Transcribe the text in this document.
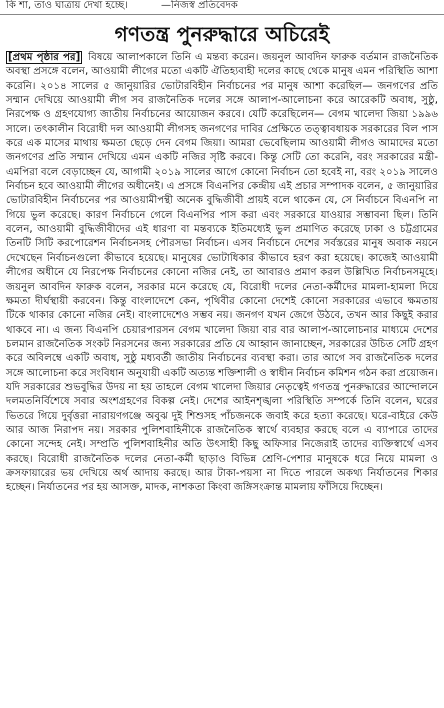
কি শা, তাও ঘাত্রায় দেখা হচ্ছে।	—নিজস্ব প্রতিবেদক
গণতন্ত্র পুনরুদ্ধারে অচিরেই
[প্রথম পৃষ্ঠার পর] বিষয়ে আলাপকালে তিনি এ মন্তব্য করেন। জয়নুল আবদিন ফারুক বর্তমান রাজনৈতিক অবস্থা প্রসঙ্গে বলেন, আওয়ামী লীগের মতো একটি ঐতিহ্যবাহী দলের কাছে থেকে মানুষ এমন পরিস্থিতি আশা করেনি। ২০১৪ সালের ৫ জানুয়ারির ভোটারবিহীন নির্বাচনের পর মানুষ আশা করেছিল— জনগণের প্রতি সম্মান দেখিয়ে আওয়ামী লীগ সব রাজনৈতিক দলের সঙ্গে আলাপ-আলোচনা করে আরেকটি অবাধ, সুষ্ঠু, নিরপেক্ষ ও গ্রহণযোগ্য জাতীয় নির্বাচনের আয়োজন করবে। যেটি করেছিলেন— বেগম খালেদা জিয়া ১৯৯৬ সালে। তৎকালীন বিরোধী দল আওয়ামী লীগসহ জনগণের দাবির প্রেক্ষিতে তত্ত্বাবধায়ক সরকারের বিল পাস করে এক মাসের মাথায় ক্ষমতা ছেড়ে দেন বেগম জিয়া। আমরা ভেবেছিলাম আওয়ামী লীগও আমাদের মতো জনগণের প্রতি সম্মান দেখিয়ে এমন একটি নজির সৃষ্টি করবে। কিন্তু সেটি তো করেনি, বরং সরকারের মন্ত্রী-এমপিরা বলে বেড়াচ্ছেন যে, আগামী ২০১৯ সালের আগে কোনো নির্বাচন তো হবেই না, বরং ২০১৯ সালেও নির্বাচন হবে আওয়ামী লীগের অধীনেই। এ প্রসঙ্গে বিএনপির কেন্দ্রীয় এই প্রচার সম্পাদক বলেন, ৫ জানুয়ারির ভোটারবিহীন নির্বাচনের পর আওয়ামীপন্থী অনেক বুদ্ধিজীবী প্রায়ই বলে থাকেন যে, সে নির্বাচনে বিএনপি না গিয়ে ভুল করেছে। কারণ নির্বাচনে গেলে বিএনপির পাস করা এবং সরকারে যাওয়ার সম্ভাবনা ছিল। তিনি বলেন, আওয়ামী বুদ্ধিজীবীদের এই ধারণা বা মন্তব্যকে ইতিমধ্যেই ভুল প্রমাণিত করেছে ঢাকা ও চট্টগ্রামের তিনটি সিটি করপোরেশন নির্বাচনসহ পৌরসভা নির্বাচন। এসব নির্বাচনে দেশের সর্বস্তরের মানুষ অবাক নয়নে দেখেছেন নির্বাচনগুলো কীভাবে হয়েছে। মানুষের ভোটাধিকার কীভাবে হরণ করা হয়েছে। কাজেই আওয়ামী লীগের অধীনে যে নিরপেক্ষ নির্বাচনের কোনো নজির নেই, তা আবারও প্রমাণ করল উল্লিখিত নির্বাচনসমূহে। জয়নুল আবদিন ফারুক বলেন, সরকার মনে করেছে যে, বিরোধী দলের নেতা-কর্মীদের মামলা-হামলা দিয়ে ক্ষমতা দীর্ঘস্থায়ী করবেন। কিন্তু বাংলাদেশে কেন, পৃথিবীর কোনো দেশেই কোনো সরকারের এভাবে ক্ষমতায় টিকে থাকার কোনো নজির নেই। বাংলাদেশেও সম্ভব নয়। জনগণ যখন জেগে উঠবে, তখন আর কিছুই করার থাকবে না। এ জন্য বিএনপি চেয়ারপারসন বেগম খালেদা জিয়া বার বার আলাপ-আলোচনার মাধ্যমে দেশের চলমান রাজনৈতিক সংকট নিরসনের জন্য সরকারের প্রতি যে আহ্বান জানাচ্ছেন, সরকারের উচিত সেটি গ্রহণ করে অবিলম্বে একটি অবাধ, সুষ্ঠু মধ্যবর্তী জাতীয় নির্বাচনের ব্যবস্থা করা। তার আগে সব রাজনৈতিক দলের সঙ্গে আলোচনা করে সংবিধান অনুযায়ী একটি অত্যন্ত শক্তিশালী ও স্বাধীন নির্বাচন কমিশন গঠন করা প্রয়োজন। যদি সরকারের শুভবুদ্ধির উদয় না হয় তাহলে বেগম খালেদা জিয়ার নেতৃত্বেই গণতন্ত্র পুনরুদ্ধারের আন্দোলনে দলমতনির্বিশেষে সবার অংশগ্রহণের বিকল্প নেই। দেশের আইনশৃঙ্খলা পরিস্থিতি সম্পর্কে তিনি বলেন, ঘরের ভিতরে গিয়ে দুর্বৃত্তরা নারায়ণগঞ্জে অবুঝ দুই শিশুসহ পাঁচজনকে জবাই করে হত্যা করেছে। ঘরে-বাইরে কেউ আর আজ নিরাপদ নয়। সরকার পুলিশবাহিনীকে রাজনৈতিক স্বার্থে ব্যবহার করছে বলে এ ব্যাপারে তাদের কোনো সন্দেহ নেই। সম্প্রতি পুলিশবাহিনীর অতি উৎসাহী কিছু অফিসার নিজেরাই তাদের ব্যক্তিস্বার্থে এসব করছে। বিরোধী রাজনৈতিক দলের নেতা-কর্মী ছাড়াও বিভিন্ন শ্রেণি-পেশার মানুষকে ধরে নিয়ে মামলা ও ক্রসফায়ারের ভয় দেখিয়ে অর্থ আদায় করছে। আর টাকা-পয়সা না দিতে পারলে অকথ্য নির্যাতনের শিকার হচ্ছেন। নির্যাতনের পর হয় আসক্ত, মাদক, নাশকতা কিংবা জঙ্গিসংক্রান্ত মামলায় ফাঁসিয়ে দিচ্ছেন।
